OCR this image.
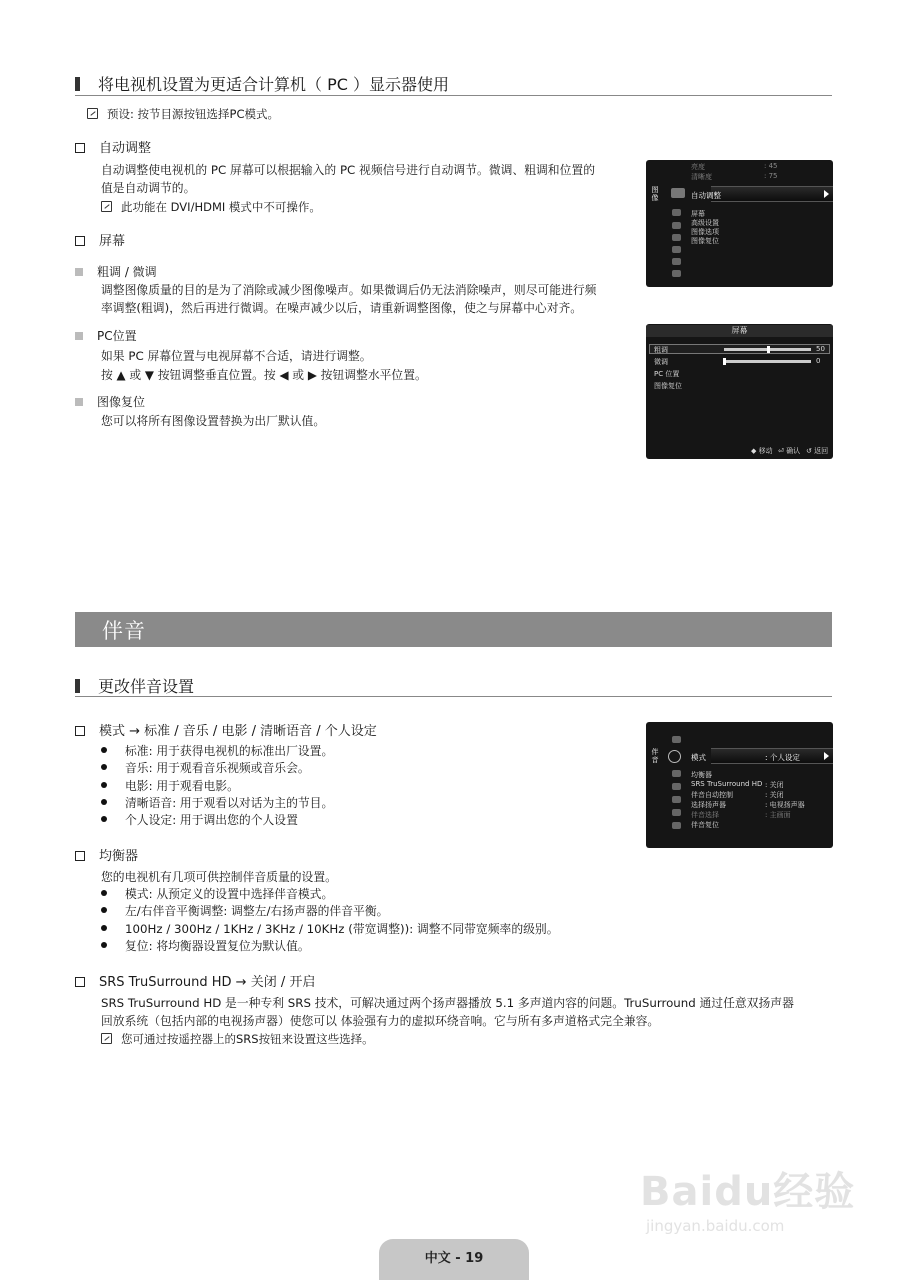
将电视机设置为更适合计算机（ PC ）显示器使用
预设: 按节目源按钮选择PC模式。
自动调整
自动调整使电视机的 PC 屏幕可以根据输入的 PC 视频信号进行自动调节。微调、粗调和位置的
值是自动调节的。
此功能在 DVI/HDMI 模式中不可操作。
屏幕
粗调 / 微调
调整图像质量的目的是为了消除或减少图像噪声。如果微调后仍无法消除噪声，则尽可能进行频
率调整(粗调)，然后再进行微调。在噪声减少以后，请重新调整图像，使之与屏幕中心对齐。
PC位置
如果 PC 屏幕位置与电视屏幕不合适，请进行调整。
按 ▲ 或 ▼ 按钮调整垂直位置。按 ◀ 或 ▶ 按钮调整水平位置。
图像复位
您可以将所有图像设置替换为出厂默认值。
图像
亮度	: 45
清晰度	: 75
自动调整
屏幕
高级设置
图像选项
图像复位
屏幕
粗调	50
微调	0
PC 位置
图像复位
◆ 移动 ⏎ 确认 ↺ 返回
伴音
更改伴音设置
模式 → 标准 / 音乐 / 电影 / 清晰语音 / 个人设定
标准: 用于获得电视机的标准出厂设置。
音乐: 用于观看音乐视频或音乐会。
电影: 用于观看电影。
清晰语音: 用于观看以对话为主的节目。
个人设定: 用于调出您的个人设置
均衡器
您的电视机有几项可供控制伴音质量的设置。
模式: 从预定义的设置中选择伴音模式。
左/右伴音平衡调整: 调整左/右扬声器的伴音平衡。
100Hz / 300Hz / 1KHz / 3KHz / 10KHz (带宽调整)): 调整不同带宽频率的级别。
复位: 将均衡器设置复位为默认值。
SRS TruSurround HD → 关闭 / 开启
SRS TruSurround HD 是一种专利 SRS 技术，可解决通过两个扬声器播放 5.1 多声道内容的问题。TruSurround 通过任意双扬声器
回放系统（包括内部的电视扬声器）使您可以 体验强有力的虚拟环绕音响。它与所有多声道格式完全兼容。
您可通过按遥控器上的SRS按钮来设置这些选择。
伴音	模式	: 个人设定
均衡器
SRS TruSurround HD : 关闭
伴音自动控制	: 关闭
选择扬声器	: 电视扬声器
伴音选择	: 主画面
伴音复位
Baidu经验
jingyan.baidu.com
中文 - 19
